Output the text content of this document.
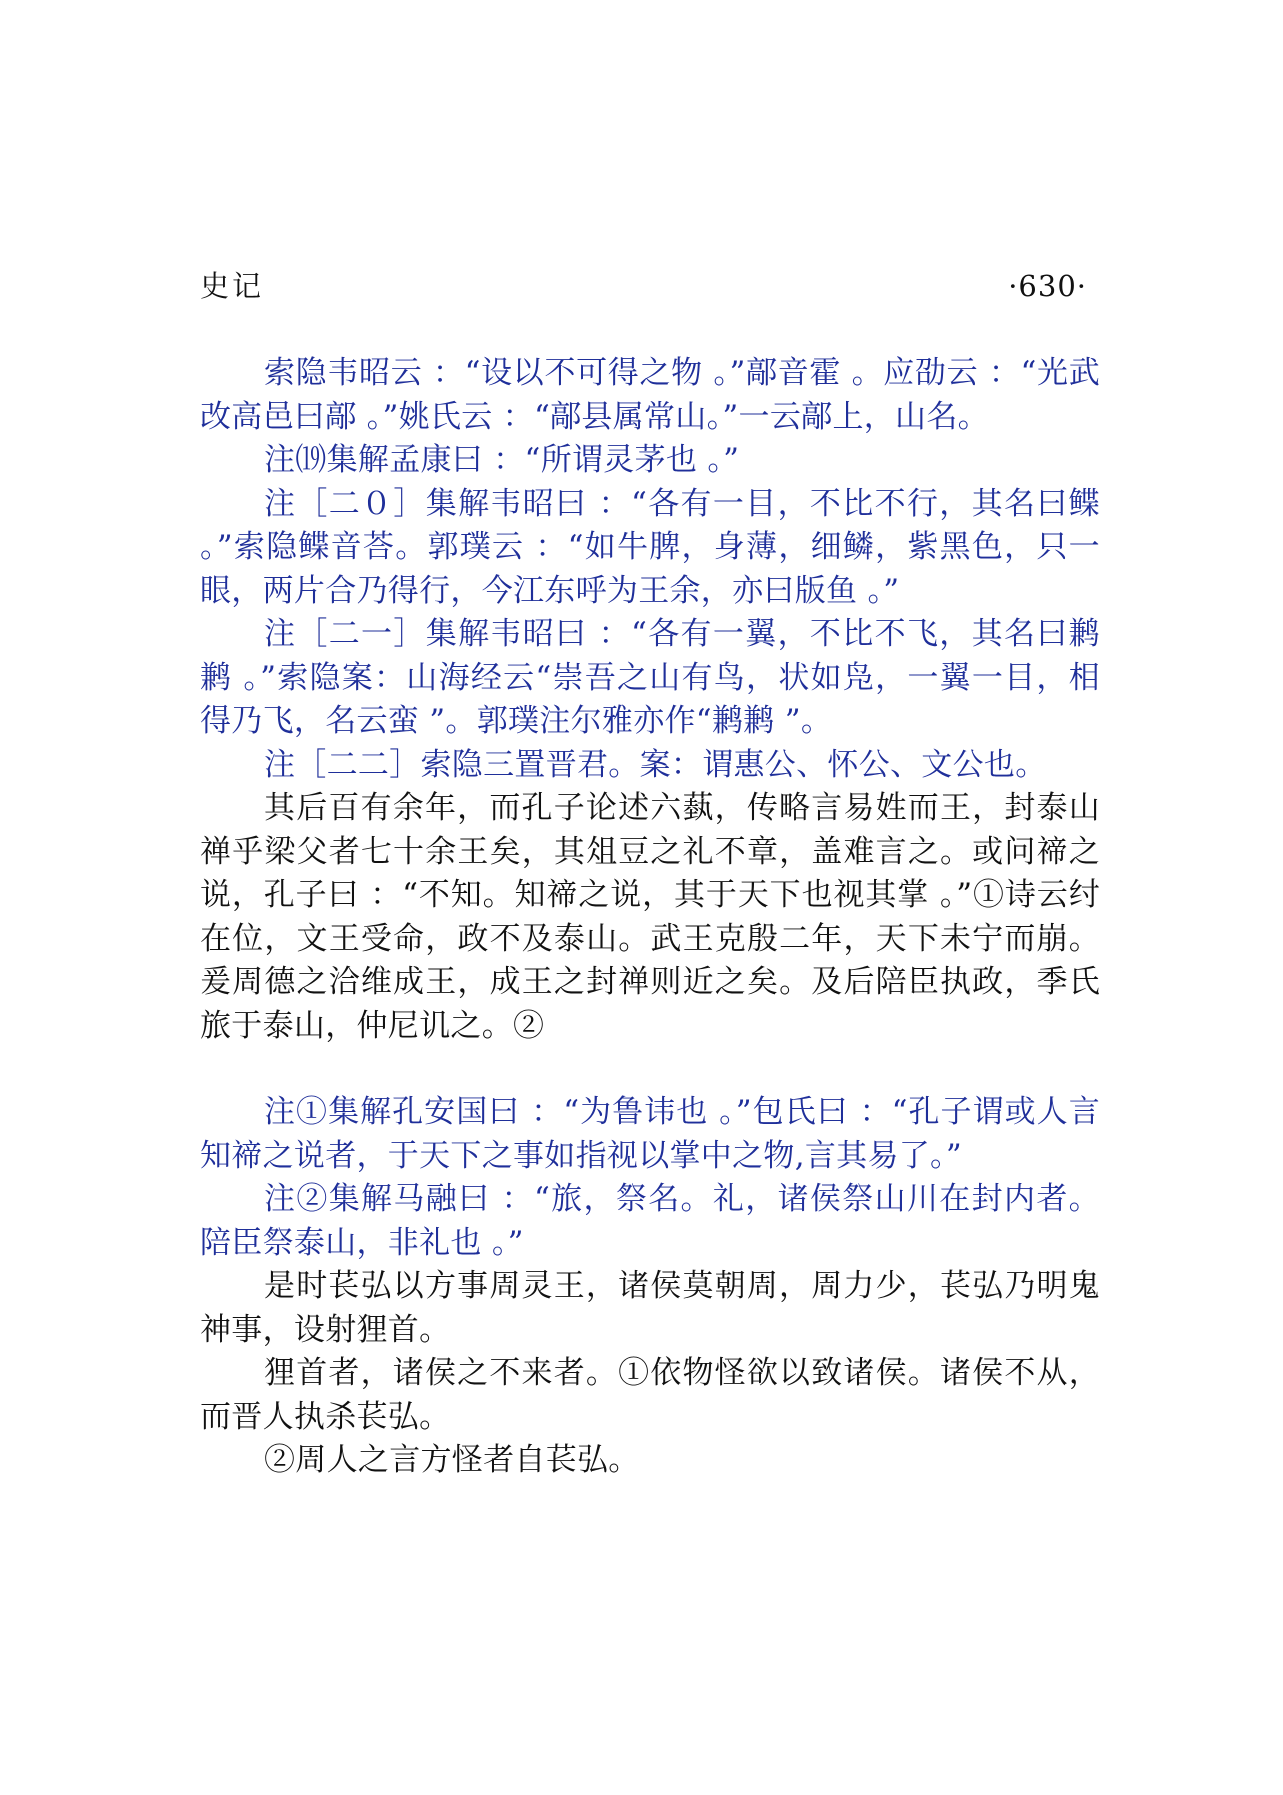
史记	·630·

索隐韦昭云 ：“设以不可得之物 。”鄗音霍 。应劭云 ：“光武改高邑曰鄗 。”姚氏云 ：“鄗县属常山。”一云鄗上，山名。

注⒆集解孟康曰 ：“所谓灵茅也 。”

注［二０］集解韦昭曰 ：“各有一目，不比不行，其名曰鲽 。”索隐鲽音荅。郭璞云 ：“如牛脾，身薄，细鳞，紫黑色，只一眼，两片合乃得行，今江东呼为王余，亦曰版鱼 。”

注［二一］集解韦昭曰 ：“各有一翼，不比不飞，其名曰鹣鹣 。”索隐案：山海经云“崇吾之山有鸟，状如凫，一翼一目，相得乃飞，名云蛮 ”。郭璞注尔雅亦作“鹣鹣 ”。

注［二二］索隐三置晋君。案：谓惠公、怀公、文公也。

其后百有余年，而孔子论述六蓺，传略言易姓而王，封泰山禅乎梁父者七十余王矣，其俎豆之礼不章，盖难言之。或问禘之说，孔子曰 ：“不知。知禘之说，其于天下也视其掌 。”①诗云纣在位，文王受命，政不及泰山。武王克殷二年，天下未宁而崩。爰周德之洽维成王，成王之封禅则近之矣。及后陪臣执政，季氏旅于泰山，仲尼讥之。②

注①集解孔安国曰 ：“为鲁讳也 。”包氏曰 ：“孔子谓或人言知禘之说者，于天下之事如指视以掌中之物,言其易了。”

注②集解马融曰 ：“旅，祭名。礼，诸侯祭山川在封内者。陪臣祭泰山，非礼也 。”

是时苌弘以方事周灵王，诸侯莫朝周，周力少，苌弘乃明鬼神事，设射狸首。

狸首者，诸侯之不来者。①依物怪欲以致诸侯。诸侯不从，而晋人执杀苌弘。

②周人之言方怪者自苌弘。
